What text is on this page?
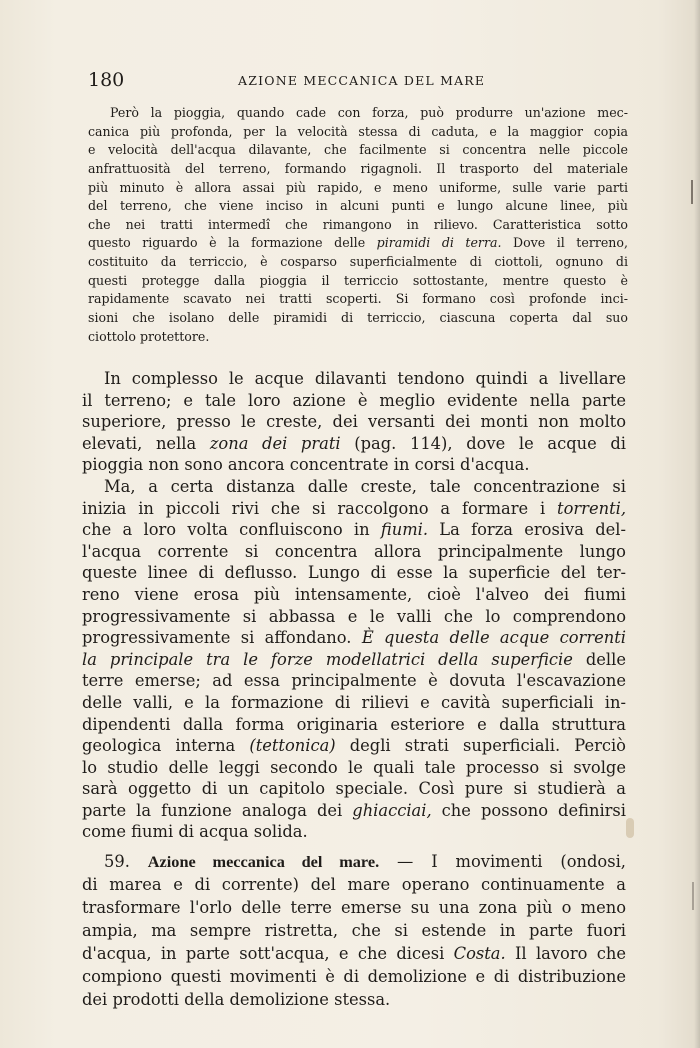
180	AZIONE MECCANICA DEL MARE
Però la pioggia, quando cade con forza, può produrre un'azione mec-
canica più profonda, per la velocità stessa di caduta, e la maggior copia
e velocità dell'acqua dilavante, che facilmente si concentra nelle piccole
anfrattuosità del terreno, formando rigagnoli. Il trasporto del materiale
più minuto è allora assai più rapido, e meno uniforme, sulle varie parti
del terreno, che viene inciso in alcuni punti e lungo alcune linee, più
che nei tratti intermedî che rimangono in rilievo. Caratteristica sotto
questo riguardo è la formazione delle piramidi di terra. Dove il terreno,
costituito da terriccio, è cosparso superficialmente di ciottoli, ognuno di
questi protegge dalla pioggia il terriccio sottostante, mentre questo è
rapidamente scavato nei tratti scoperti. Si formano così profonde inci-
sioni che isolano delle piramidi di terriccio, ciascuna coperta dal suo
ciottolo protettore.
In complesso le acque dilavanti tendono quindi a livellare
il terreno; e tale loro azione è meglio evidente nella parte
superiore, presso le creste, dei versanti dei monti non molto
elevati, nella zona dei prati (pag. 114), dove le acque di
pioggia non sono ancora concentrate in corsi d'acqua.
Ma, a certa distanza dalle creste, tale concentrazione si
inizia in piccoli rivi che si raccolgono a formare i torrenti,
che a loro volta confluiscono in fiumi. La forza erosiva del-
l'acqua corrente si concentra allora principalmente lungo
queste linee di deflusso. Lungo di esse la superficie del ter-
reno viene erosa più intensamente, cioè l'alveo dei fiumi
progressivamente si abbassa e le valli che lo comprendono
progressivamente si affondano. È questa delle acque correnti
la principale tra le forze modellatrici della superficie delle
terre emerse; ad essa principalmente è dovuta l'escavazione
delle valli, e la formazione di rilievi e cavità superficiali in-
dipendenti dalla forma originaria esteriore e dalla struttura
geologica interna (tettonica) degli strati superficiali. Perciò
lo studio delle leggi secondo le quali tale processo si svolge
sarà oggetto di un capitolo speciale. Così pure si studierà a
parte la funzione analoga dei ghiacciai, che possono definirsi
come fiumi di acqua solida.
59. Azione meccanica del mare. — I movimenti (ondosi,
di marea e di corrente) del mare operano continuamente a
trasformare l'orlo delle terre emerse su una zona più o meno
ampia, ma sempre ristretta, che si estende in parte fuori
d'acqua, in parte sott'acqua, e che dicesi Costa. Il lavoro che
compiono questi movimenti è di demolizione e di distribuzione
dei prodotti della demolizione stessa.
